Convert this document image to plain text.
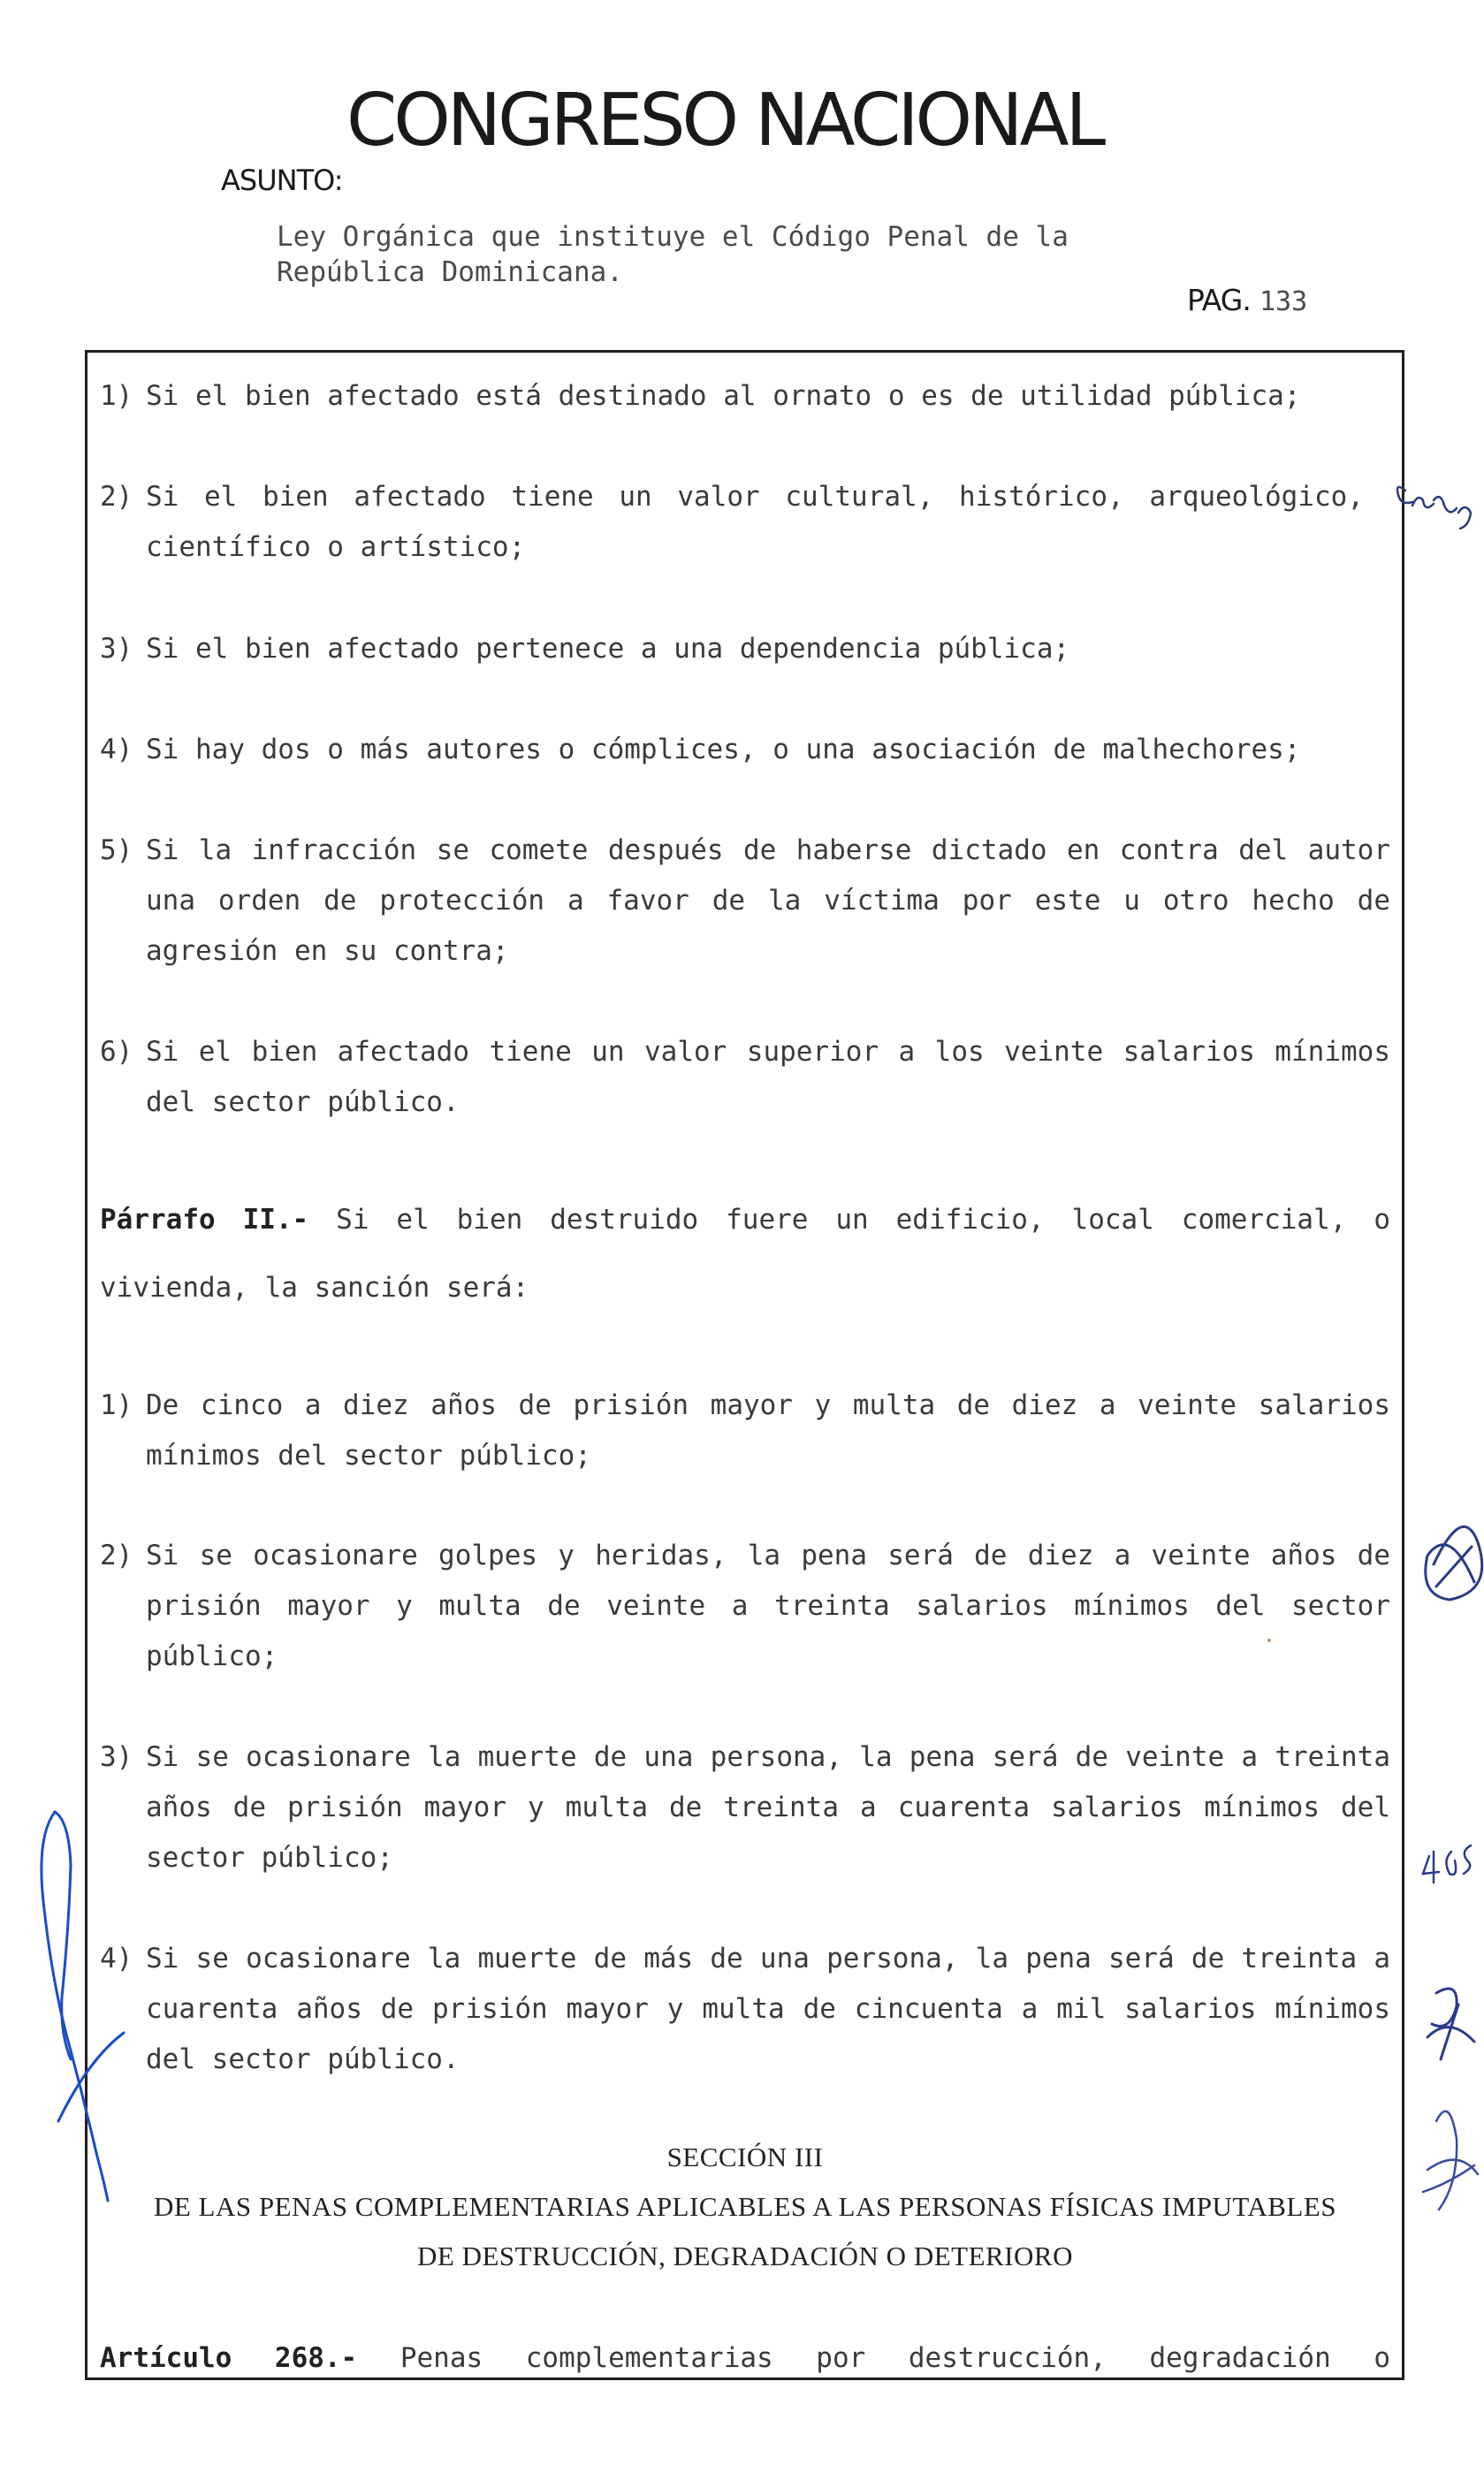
CONGRESO NACIONAL
ASUNTO:
Ley Orgánica que instituye el Código Penal de la
República Dominicana.
PAG. 133
1) Si el bien afectado está destinado al ornato o es de utilidad pública;
2) Si el bien afectado tiene un valor cultural, histórico, arqueológico, científico o artístico;
3) Si el bien afectado pertenece a una dependencia pública;
4) Si hay dos o más autores o cómplices, o una asociación de malhechores;
5) Si la infracción se comete después de haberse dictado en contra del autor una orden de protección a favor de la víctima por este u otro hecho de agresión en su contra;
6) Si el bien afectado tiene un valor superior a los veinte salarios mínimos del sector público.
Párrafo II.- Si el bien destruido fuere un edificio, local comercial, o vivienda, la sanción será:
1) De cinco a diez años de prisión mayor y multa de diez a veinte salarios mínimos del sector público;
2) Si se ocasionare golpes y heridas, la pena será de diez a veinte años de prisión mayor y multa de veinte a treinta salarios mínimos del sector público;
3) Si se ocasionare la muerte de una persona, la pena será de veinte a treinta años de prisión mayor y multa de treinta a cuarenta salarios mínimos del sector público;
4) Si se ocasionare la muerte de más de una persona, la pena será de treinta a cuarenta años de prisión mayor y multa de cincuenta a mil salarios mínimos del sector público.
SECCIÓN III
DE LAS PENAS COMPLEMENTARIAS APLICABLES A LAS PERSONAS FÍSICAS IMPUTABLES
DE DESTRUCCIÓN, DEGRADACIÓN O DETERIORO
Artículo 268.- Penas complementarias por destrucción, degradación o
